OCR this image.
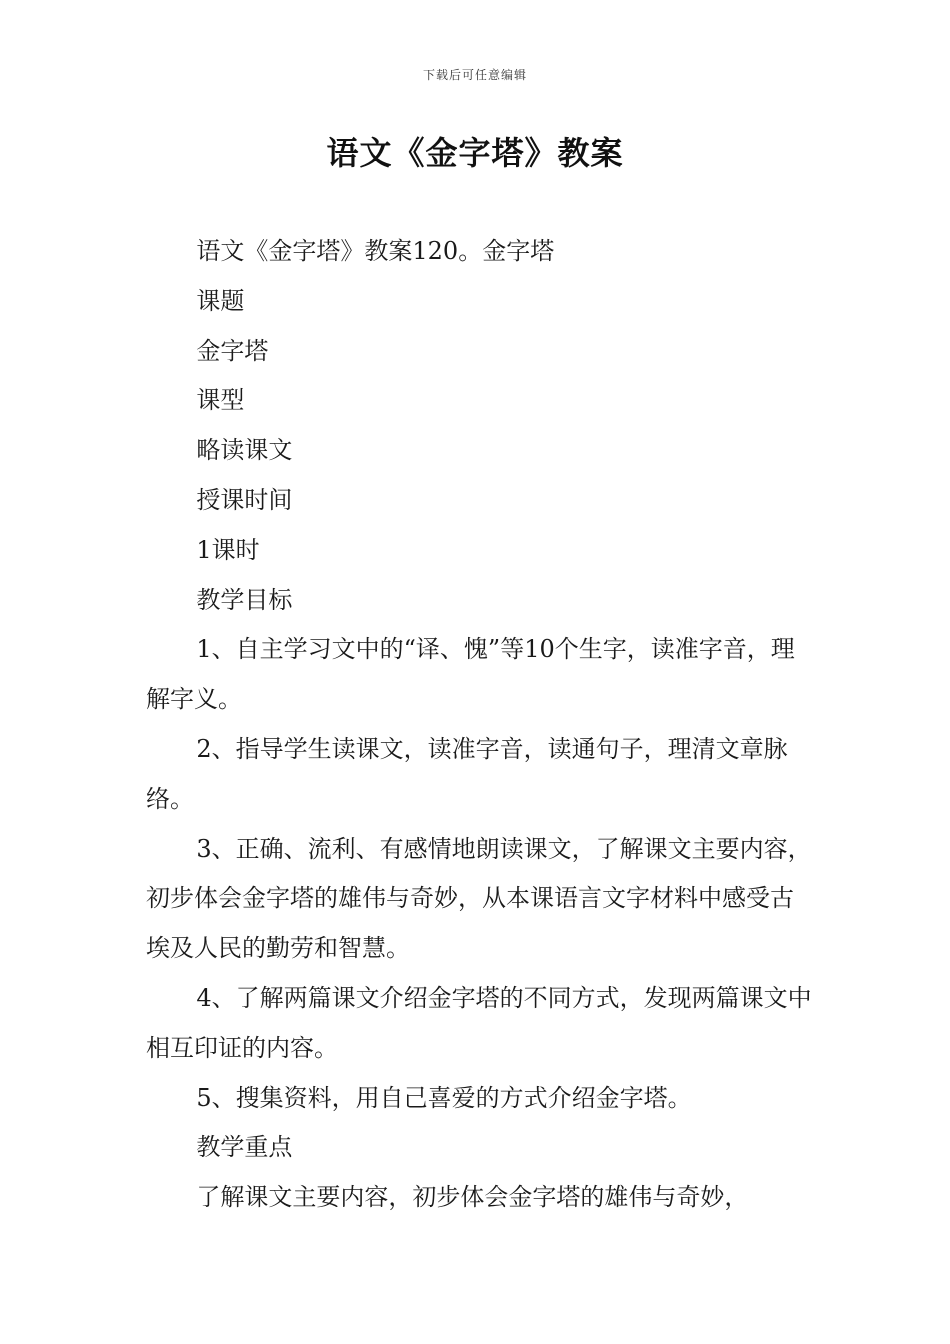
下载后可任意编辑
语文《金字塔》教案

语文《金字塔》教案120。金字塔

课题

金字塔

课型

略读课文

授课时间

1课时

教学目标

1、自主学习文中的“译、愧”等10个生字，读准字音，理解字义。

2、指导学生读课文，读准字音，读通句子，理清文章脉络。

3、正确、流利、有感情地朗读课文，了解课文主要内容，初步体会金字塔的雄伟与奇妙，从本课语言文字材料中感受古埃及人民的勤劳和智慧。

4、了解两篇课文介绍金字塔的不同方式，发现两篇课文中相互印证的内容。

5、搜集资料，用自己喜爱的方式介绍金字塔。

教学重点

了解课文主要内容，初步体会金字塔的雄伟与奇妙，
